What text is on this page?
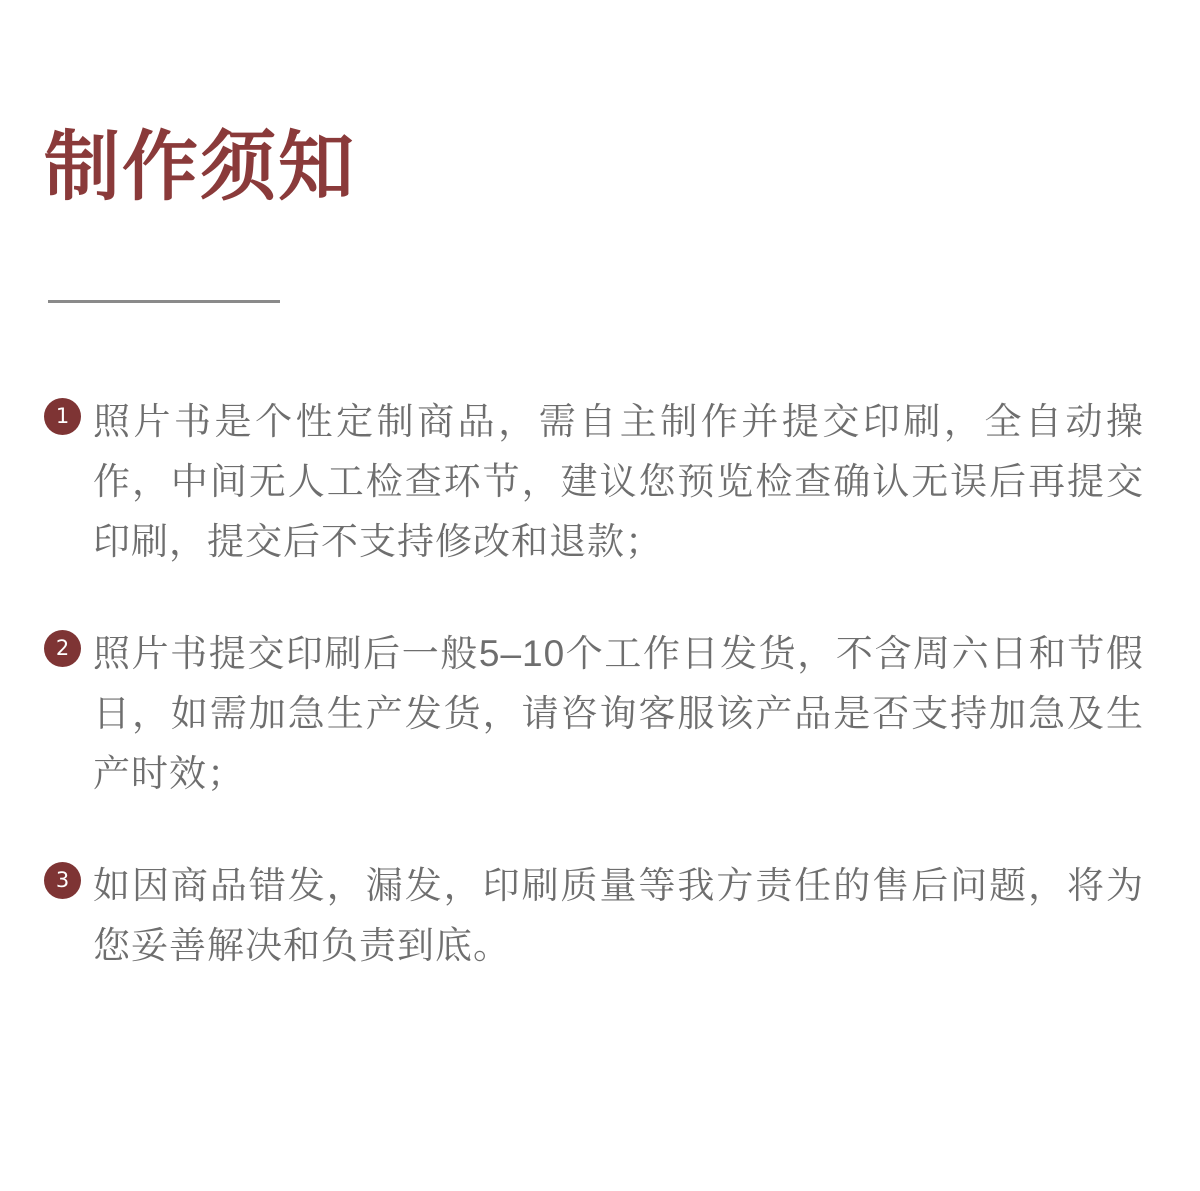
制作须知
1 照片书是个性定制商品，需自主制作并提交印刷，全自动操作，中间无人工检查环节，建议您预览检查确认无误后再提交印刷，提交后不支持修改和退款；
2 照片书提交印刷后一般5–10个工作日发货，不含周六日和节假日，如需加急生产发货，请咨询客服该产品是否支持加急及生产时效；
3 如因商品错发，漏发，印刷质量等我方责任的售后问题，将为您妥善解决和负责到底。
